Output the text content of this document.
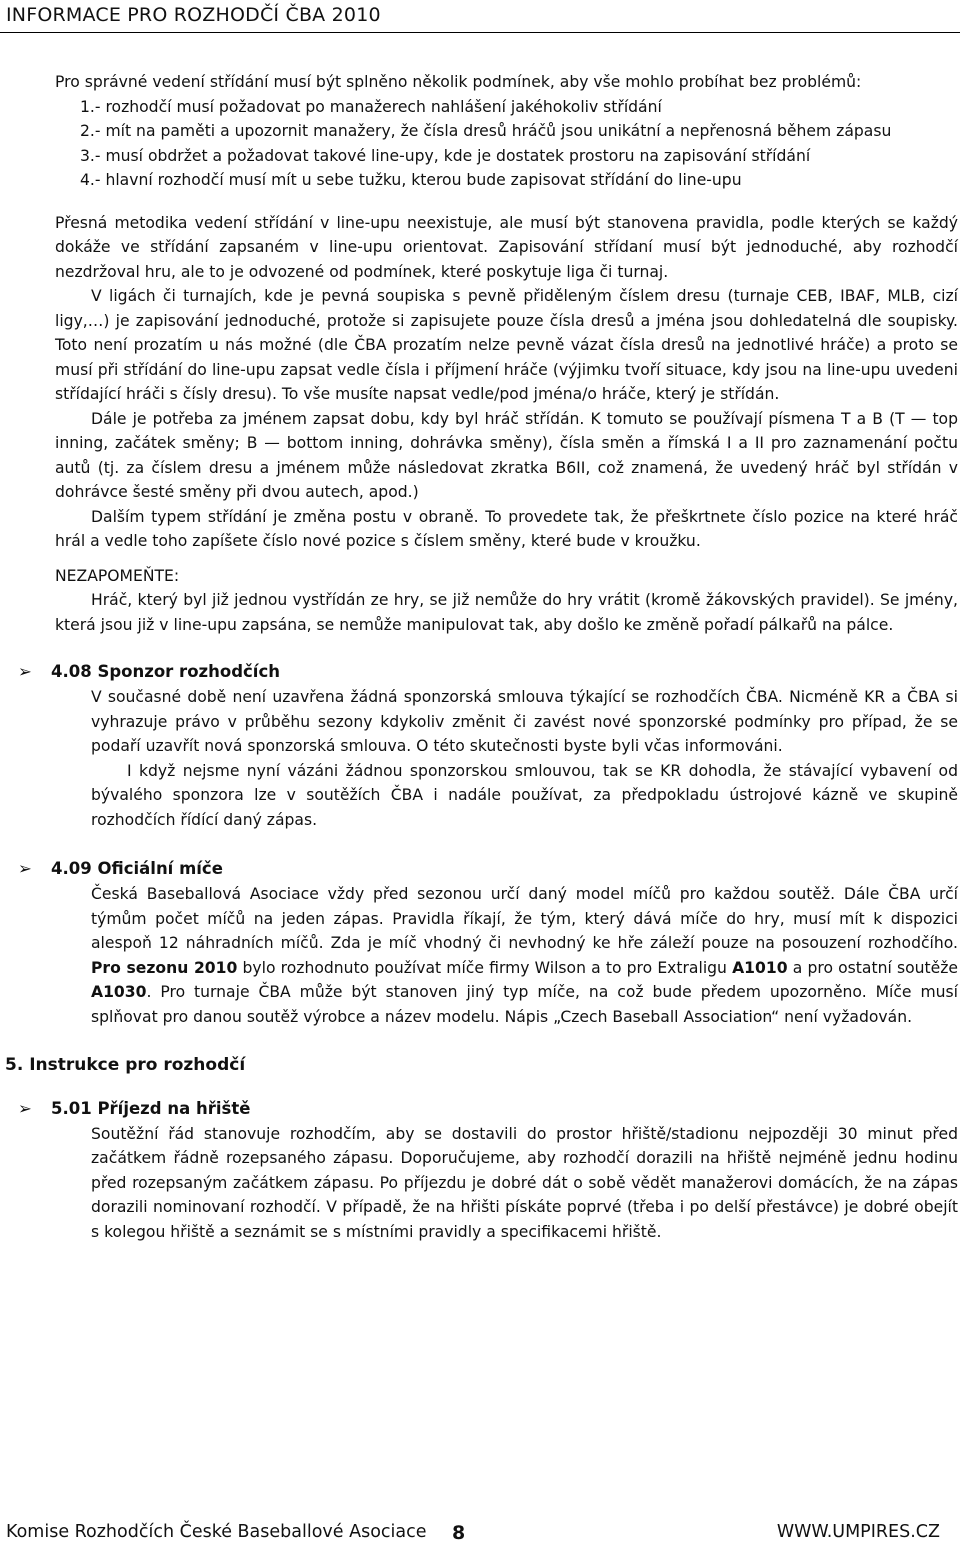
INFORMACE PRO ROZHODČÍ ČBA 2010

Pro správné vedení střídání musí být splněno několik podmínek, aby vše mohlo probíhat bez problémů:

1.- rozhodčí musí požadovat po manažerech nahlášení jakéhokoliv střídání
2.- mít na paměti a upozornit manažery, že čísla dresů hráčů jsou unikátní a nepřenosná během zápasu
3.- musí obdržet a požadovat takové line-upy, kde je dostatek prostoru na zapisování střídání
4.- hlavní rozhodčí musí mít u sebe tužku, kterou bude zapisovat střídání do line-upu

Přesná metodika vedení střídání v line-upu neexistuje, ale musí být stanovena pravidla, podle kterých se každý dokáže ve střídání zapsaném v line-upu orientovat. Zapisování střídaní musí být jednoduché, aby rozhodčí nezdržoval hru, ale to je odvozené od podmínek, které poskytuje liga či turnaj.

V ligách či turnajích, kde je pevná soupiska s pevně přiděleným číslem dresu (turnaje CEB, IBAF, MLB, cizí ligy,…) je zapisování jednoduché, protože si zapisujete pouze čísla dresů a jména jsou dohledatelná dle soupisky. Toto není prozatím u nás možné (dle ČBA prozatím nelze pevně vázat čísla dresů na jednotlivé hráče) a proto se musí při střídání do line-upu zapsat vedle čísla i příjmení hráče (výjimku tvoří situace, kdy jsou na line-upu uvedeni střídající hráči s čísly dresu). To vše musíte napsat vedle/pod jména/o hráče, který je střídán.

Dále je potřeba za jménem zapsat dobu, kdy byl hráč střídán. K tomuto se používají písmena T a B (T — top inning, začátek směny; B — bottom inning, dohrávka směny), čísla směn a římská I a II pro zaznamenání počtu autů (tj. za číslem dresu a jménem může následovat zkratka B6II, což znamená, že uvedený hráč byl střídán v dohrávce šesté směny při dvou autech, apod.)

Dalším typem střídání je změna postu v obraně. To provedete tak, že přeškrtnete číslo pozice na které hráč hrál a vedle toho zapíšete číslo nové pozice s číslem směny, které bude v kroužku.

NEZAPOMEŇTE:

Hráč, který byl již jednou vystřídán ze hry, se již nemůže do hry vrátit (kromě žákovských pravidel). Se jmény, která jsou již v line-upu zapsána, se nemůže manipulovat tak, aby došlo ke změně pořadí pálkařů na pálce.

➢ 4.08 Sponzor rozhodčích

V současné době není uzavřena žádná sponzorská smlouva týkající se rozhodčích ČBA. Nicméně KR a ČBA si vyhrazuje právo v průběhu sezony kdykoliv změnit či zavést nové sponzorské podmínky pro případ, že se podaří uzavřít nová sponzorská smlouva. O této skutečnosti byste byli včas informováni.

I když nejsme nyní vázáni žádnou sponzorskou smlouvou, tak se KR dohodla, že stávající vybavení od bývalého sponzora lze v soutěžích ČBA i nadále používat, za předpokladu ústrojové kázně ve skupině rozhodčích řídící daný zápas.

➢ 4.09 Oficiální míče

Česká Baseballová Asociace vždy před sezonou určí daný model míčů pro každou soutěž. Dále ČBA určí týmům počet míčů na jeden zápas. Pravidla říkají, že tým, který dává míče do hry, musí mít k dispozici alespoň 12 náhradních míčů. Zda je míč vhodný či nevhodný ke hře záleží pouze na posouzení rozhodčího. Pro sezonu 2010 bylo rozhodnuto používat míče firmy Wilson a to pro Extraligu A1010 a pro ostatní soutěže A1030. Pro turnaje ČBA může být stanoven jiný typ míče, na což bude předem upozorněno. Míče musí splňovat pro danou soutěž výrobce a název modelu. Nápis „Czech Baseball Association“ není vyžadován.

5. Instrukce pro rozhodčí
➢ 5.01 Příjezd na hřiště

Soutěžní řád stanovuje rozhodčím, aby se dostavili do prostor hřiště/stadionu nejpozději 30 minut před začátkem řádně rozepsaného zápasu. Doporučujeme, aby rozhodčí dorazili na hřiště nejméně jednu hodinu před rozepsaným začátkem zápasu. Po příjezdu je dobré dát o sobě vědět manažerovi domácích, že na zápas dorazili nominovaní rozhodčí. V případě, že na hřišti pískáte poprvé (třeba i po delší přestávce) je dobré obejít s kolegou hřiště a seznámit se s místními pravidly a specifikacemi hřiště.

Komise Rozhodčích České Baseballové Asociace 8	WWW.UMPIRES.CZ
